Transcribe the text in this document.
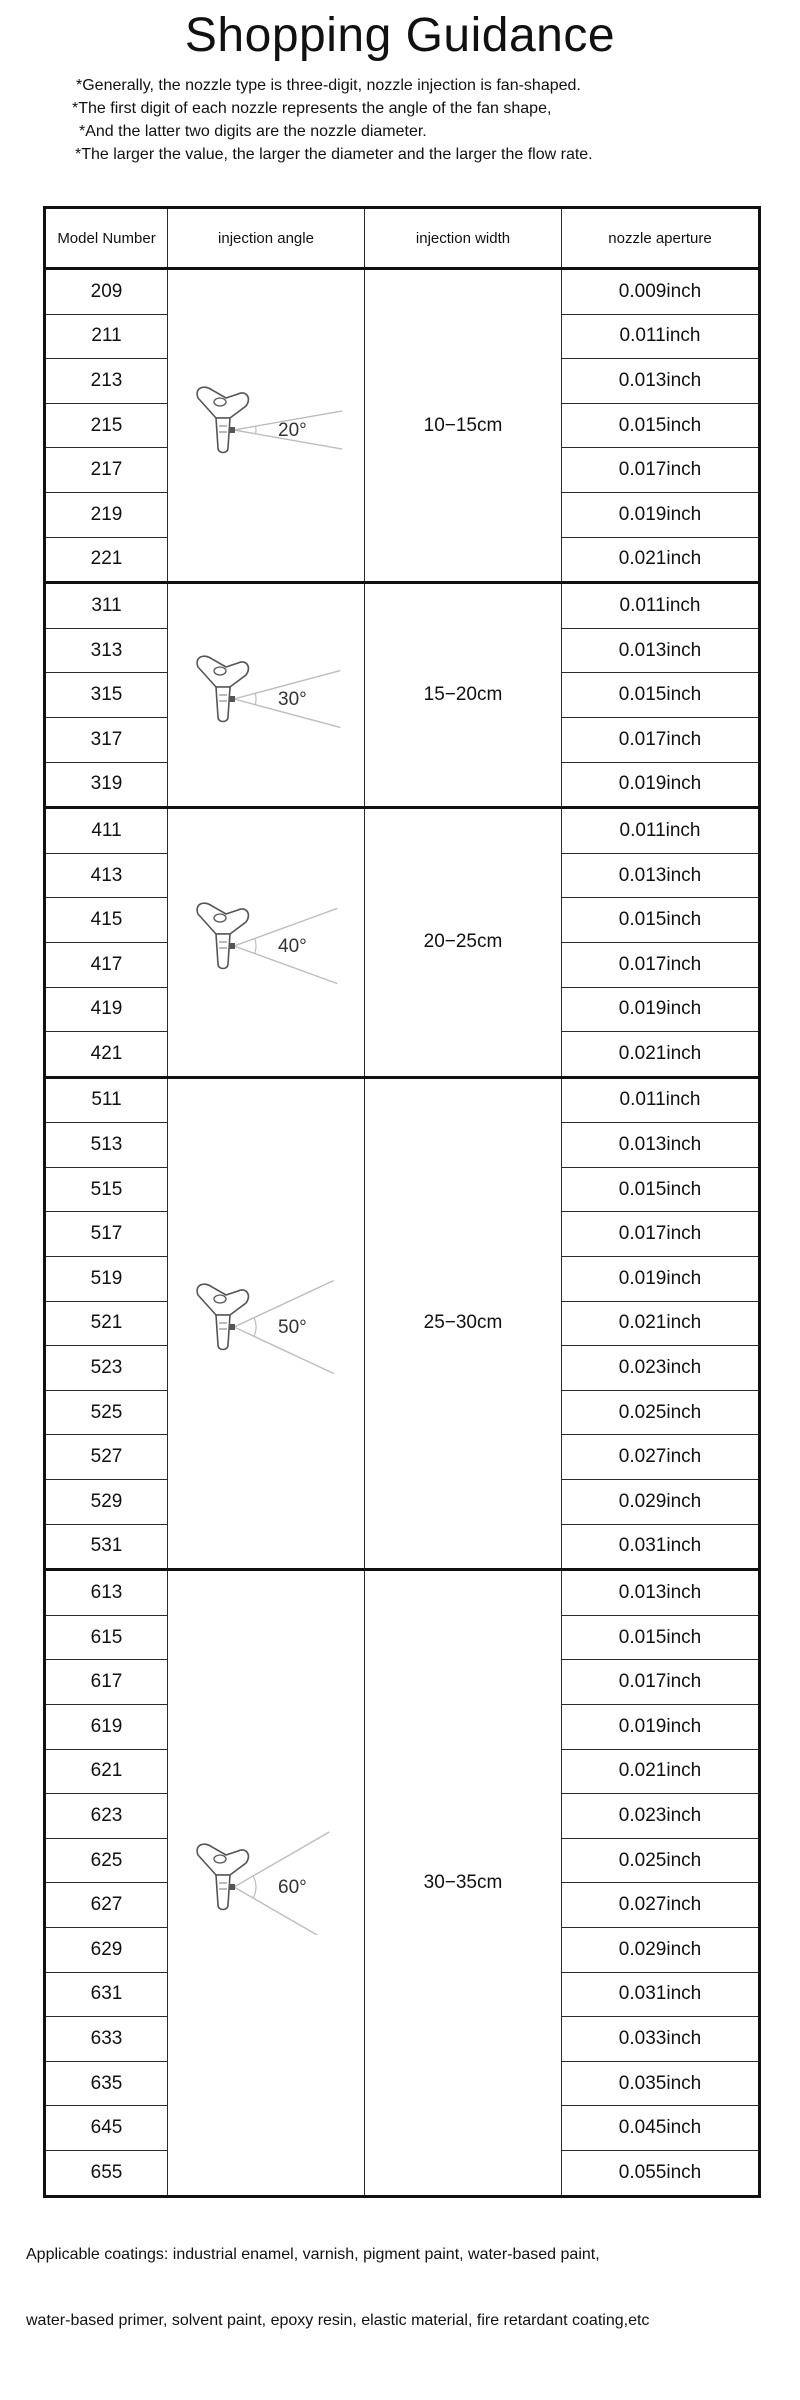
Shopping Guidance
*Generally, the nozzle type is three-digit, nozzle injection is fan-shaped.
*The first digit of each nozzle represents the angle of the fan shape,
*And the latter two digits are the nozzle diameter.
*The larger the value, the larger the diameter and the larger the flow rate.
Model Number	injection angle	injection width	nozzle aperture
209	20°	10−15cm	0.009inch
211			0.011inch
213			0.013inch
215			0.015inch
217			0.017inch
219			0.019inch
221			0.021inch
311	30°	15−20cm	0.011inch
313			0.013inch
315			0.015inch
317			0.017inch
319			0.019inch
411	40°	20−25cm	0.011inch
413			0.013inch
415			0.015inch
417			0.017inch
419			0.019inch
421			0.021inch
511	50°	25−30cm	0.011inch
513			0.013inch
515			0.015inch
517			0.017inch
519			0.019inch
521			0.021inch
523			0.023inch
525			0.025inch
527			0.027inch
529			0.029inch
531			0.031inch
613	60°	30−35cm	0.013inch
615			0.015inch
617			0.017inch
619			0.019inch
621			0.021inch
623			0.023inch
625			0.025inch
627			0.027inch
629			0.029inch
631			0.031inch
633			0.033inch
635			0.035inch
645			0.045inch
655			0.055inch
Applicable coatings: industrial enamel, varnish, pigment paint, water-based paint,
water-based primer, solvent paint, epoxy resin, elastic material, fire retardant coating,etc
